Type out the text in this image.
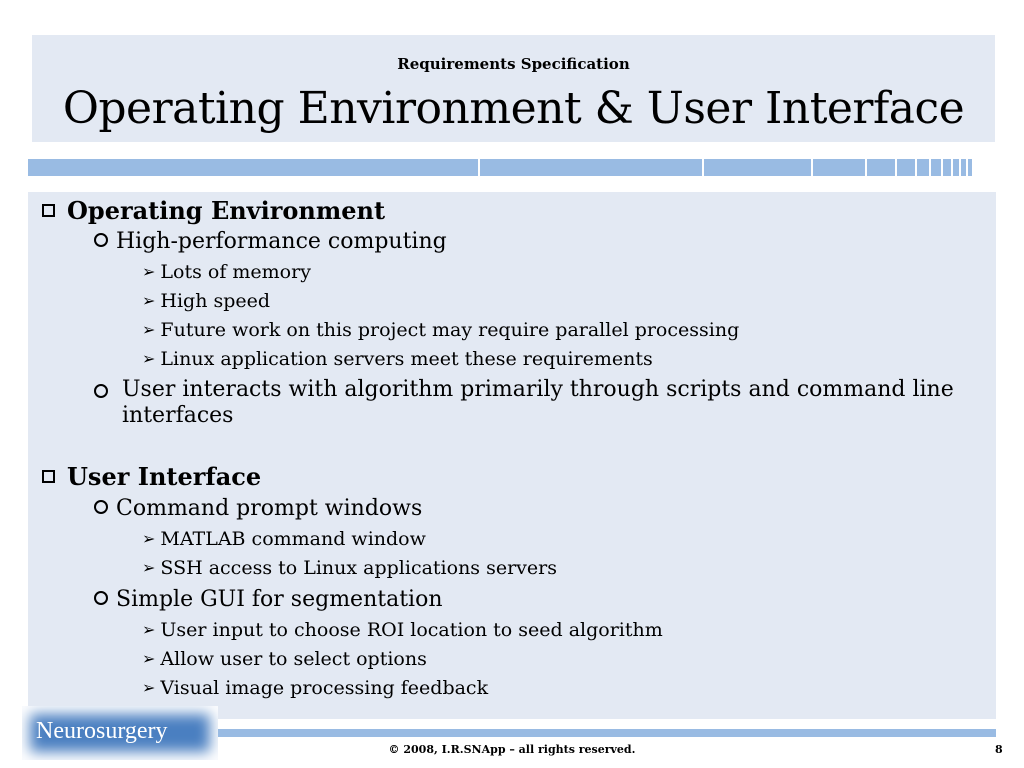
Requirements Specification
Operating Environment & User Interface
Operating Environment
High-performance computing
➢ Lots of memory
➢ High speed
➢ Future work on this project may require parallel processing
➢ Linux application servers meet these requirements
User interacts with algorithm primarily through scripts and command line interfaces
User Interface
Command prompt windows
➢ MATLAB command window
➢ SSH access to Linux applications servers
Simple GUI for segmentation
➢ User input to choose ROI location to seed algorithm
➢ Allow user to select options
➢ Visual image processing feedback
Neurosurgery
© 2008, I.R.SNApp – all rights reserved.	8
